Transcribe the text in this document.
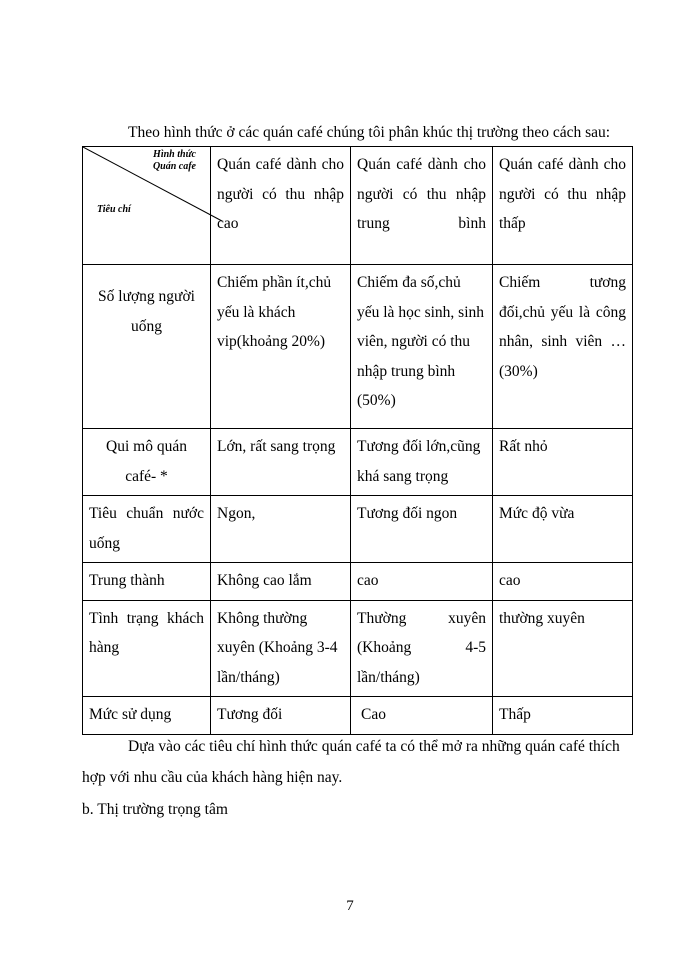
Theo hình thức ở các quán café chúng tôi phân khúc thị trường theo cách sau:
Hình thức
Quán cafe
Tiêu chí	Quán café dành cho người có thu nhập cao	Quán café dành cho người có thu nhập trung bình	Quán café dành cho người có thu nhập thấp
Số lượng người uống	Chiếm phần ít,chủ yếu là khách vip(khoảng 20%)	Chiếm đa số,chủ yếu là học sinh, sinh viên, người có thu nhập trung bình (50%)	Chiếm tương đối,chủ yếu là công nhân, sinh viên … (30%)
Qui mô quán café- *	Lớn, rất sang trọng	Tương đối lớn,cũng khá sang trọng	Rất nhỏ
Tiêu chuẩn nước uống	Ngon,	Tương đối ngon	Mức độ vừa
Trung thành	Không cao lắm	cao	cao
Tình trạng khách hàng	Không thường xuyên (Khoảng 3-4 lần/tháng)	Thường xuyên (Khoảng 4-5 lần/tháng)	thường xuyên
Mức sử dụng	Tương đối	Cao	Thấp
Dựa vào các tiêu chí hình thức quán café ta có thể mở ra những quán café thích
hợp với nhu cầu của khách hàng hiện nay.
b. Thị trường trọng tâm
7
